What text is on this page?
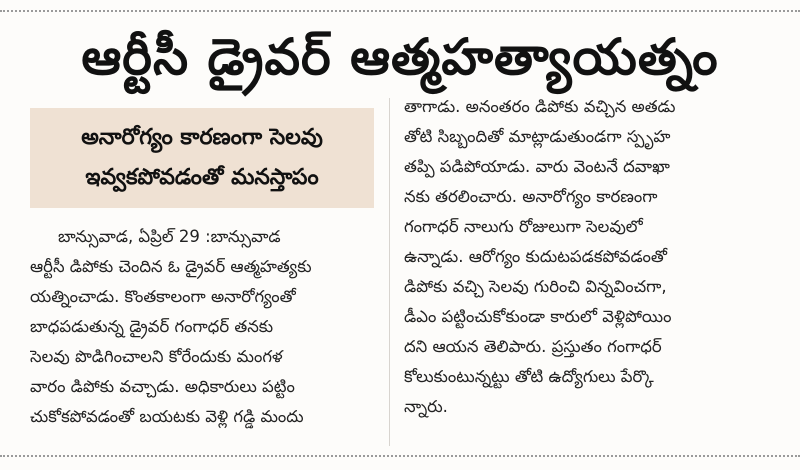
ఆర్టీసీ డ్రైవర్ ఆత్మహత్యాయత్నం
అనారోగ్యం కారణంగా సెలవు
ఇవ్వకపోవడంతో మనస్తాపం
బాన్సువాడ, ఏప్రిల్ 29 :బాన్సువాడ
ఆర్టీసీ డిపోకు చెందిన ఓ డ్రైవర్ ఆత్మహత్యకు
యత్నించాడు. కొంతకాలంగా అనారోగ్యంతో
బాధపడుతున్న డ్రైవర్ గంగాధర్ తనకు
సెలవు పొడిగించాలని కోరేందుకు మంగళ
వారం డిపోకు వచ్చాడు. అధికారులు పట్టిం
చుకోకపోవడంతో బయటకు వెళ్లి గడ్డి మందు
తాగాడు. అనంతరం డిపోకు వచ్చిన అతడు
తోటి సిబ్బందితో మాట్లాడుతుండగా స్పృహ
తప్పి పడిపోయాడు. వారు వెంటనే దవాఖా
నకు తరలించారు. అనారోగ్యం కారణంగా
గంగాధర్ నాలుగు రోజులుగా సెలవులో
ఉన్నాడు. ఆరోగ్యం కుదుటపడకపోవడంతో
డిపోకు వచ్చి సెలవు గురించి విన్నవించగా,
డీఎం పట్టించుకోకుండా కారులో వెళ్లిపోయిం
దని ఆయన తెలిపారు. ప్రస్తుతం గంగాధర్
కోలుకుంటున్నట్టు తోటి ఉద్యోగులు పేర్కొ
న్నారు.
